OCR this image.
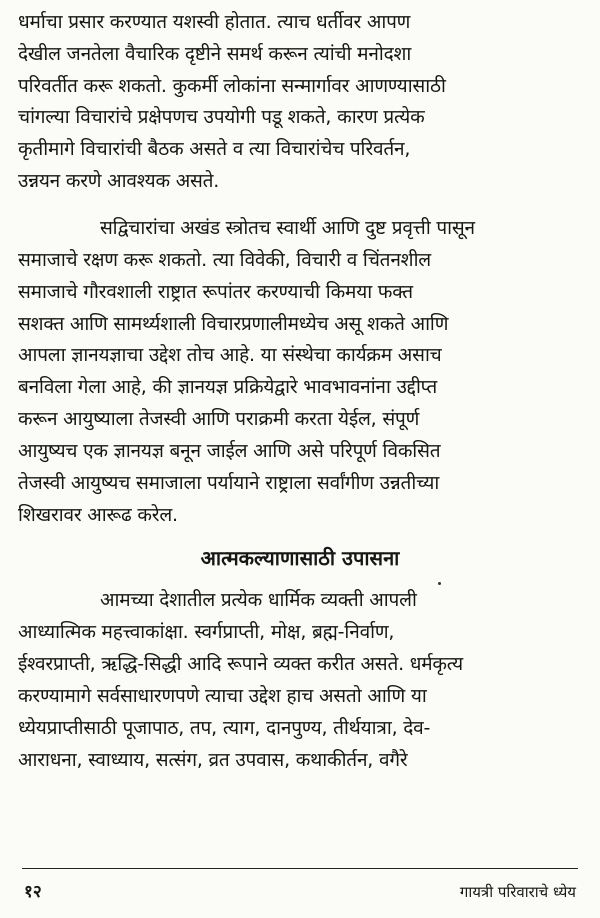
धर्माचा प्रसार करण्यात यशस्वी होतात. त्याच धर्तीवर आपण
देखील जनतेला वैचारिक दृष्टीने समर्थ करून त्यांची मनोदशा
परिवर्तीत करू शकतो. कुकर्मी लोकांना सन्मार्गावर आणण्यासाठी
चांगल्या विचारांचे प्रक्षेपणच उपयोगी पडू शकते, कारण प्रत्येक
कृतीमागे विचारांची बैठक असते व त्या विचारांचेच परिवर्तन,
उन्नयन करणे आवश्यक असते.
सद्विचारांचा अखंड स्त्रोतच स्वार्थी आणि दुष्ट प्रवृत्ती पासून
समाजाचे रक्षण करू शकतो. त्या विवेकी, विचारी व चिंतनशील
समाजाचे गौरवशाली राष्ट्रात रूपांतर करण्याची किमया फक्त
सशक्त आणि सामर्थ्यशाली विचारप्रणालीमध्येच असू शकते आणि
आपला ज्ञानयज्ञाचा उद्देश तोच आहे. या संस्थेचा कार्यक्रम असाच
बनविला गेला आहे, की ज्ञानयज्ञ प्रक्रियेद्वारे भावभावनांना उद्दीप्त
करून आयुष्याला तेजस्वी आणि पराक्रमी करता येईल, संपूर्ण
आयुष्यच एक ज्ञानयज्ञ बनून जाईल आणि असे परिपूर्ण विकसित
तेजस्वी आयुष्यच समाजाला पर्यायाने राष्ट्राला सर्वांगीण उन्नतीच्या
शिखरावर आरूढ करेल.
आत्मकल्याणासाठी उपासना
आमच्या देशातील प्रत्येक धार्मिक व्यक्ती आपली
आध्यात्मिक महत्त्वाकांक्षा. स्वर्गप्राप्ती, मोक्ष, ब्रह्म-निर्वाण,
ईश्वरप्राप्ती, ऋद्धि-सिद्धी आदि रूपाने व्यक्त करीत असते. धर्मकृत्य
करण्यामागे सर्वसाधारणपणे त्याचा उद्देश हाच असतो आणि या
ध्येयप्राप्तीसाठी पूजापाठ, तप, त्याग, दानपुण्य, तीर्थयात्रा, देव-
आराधना, स्वाध्याय, सत्संग, व्रत उपवास, कथाकीर्तन, वगैरे
१२	गायत्री परिवाराचे ध्येय
